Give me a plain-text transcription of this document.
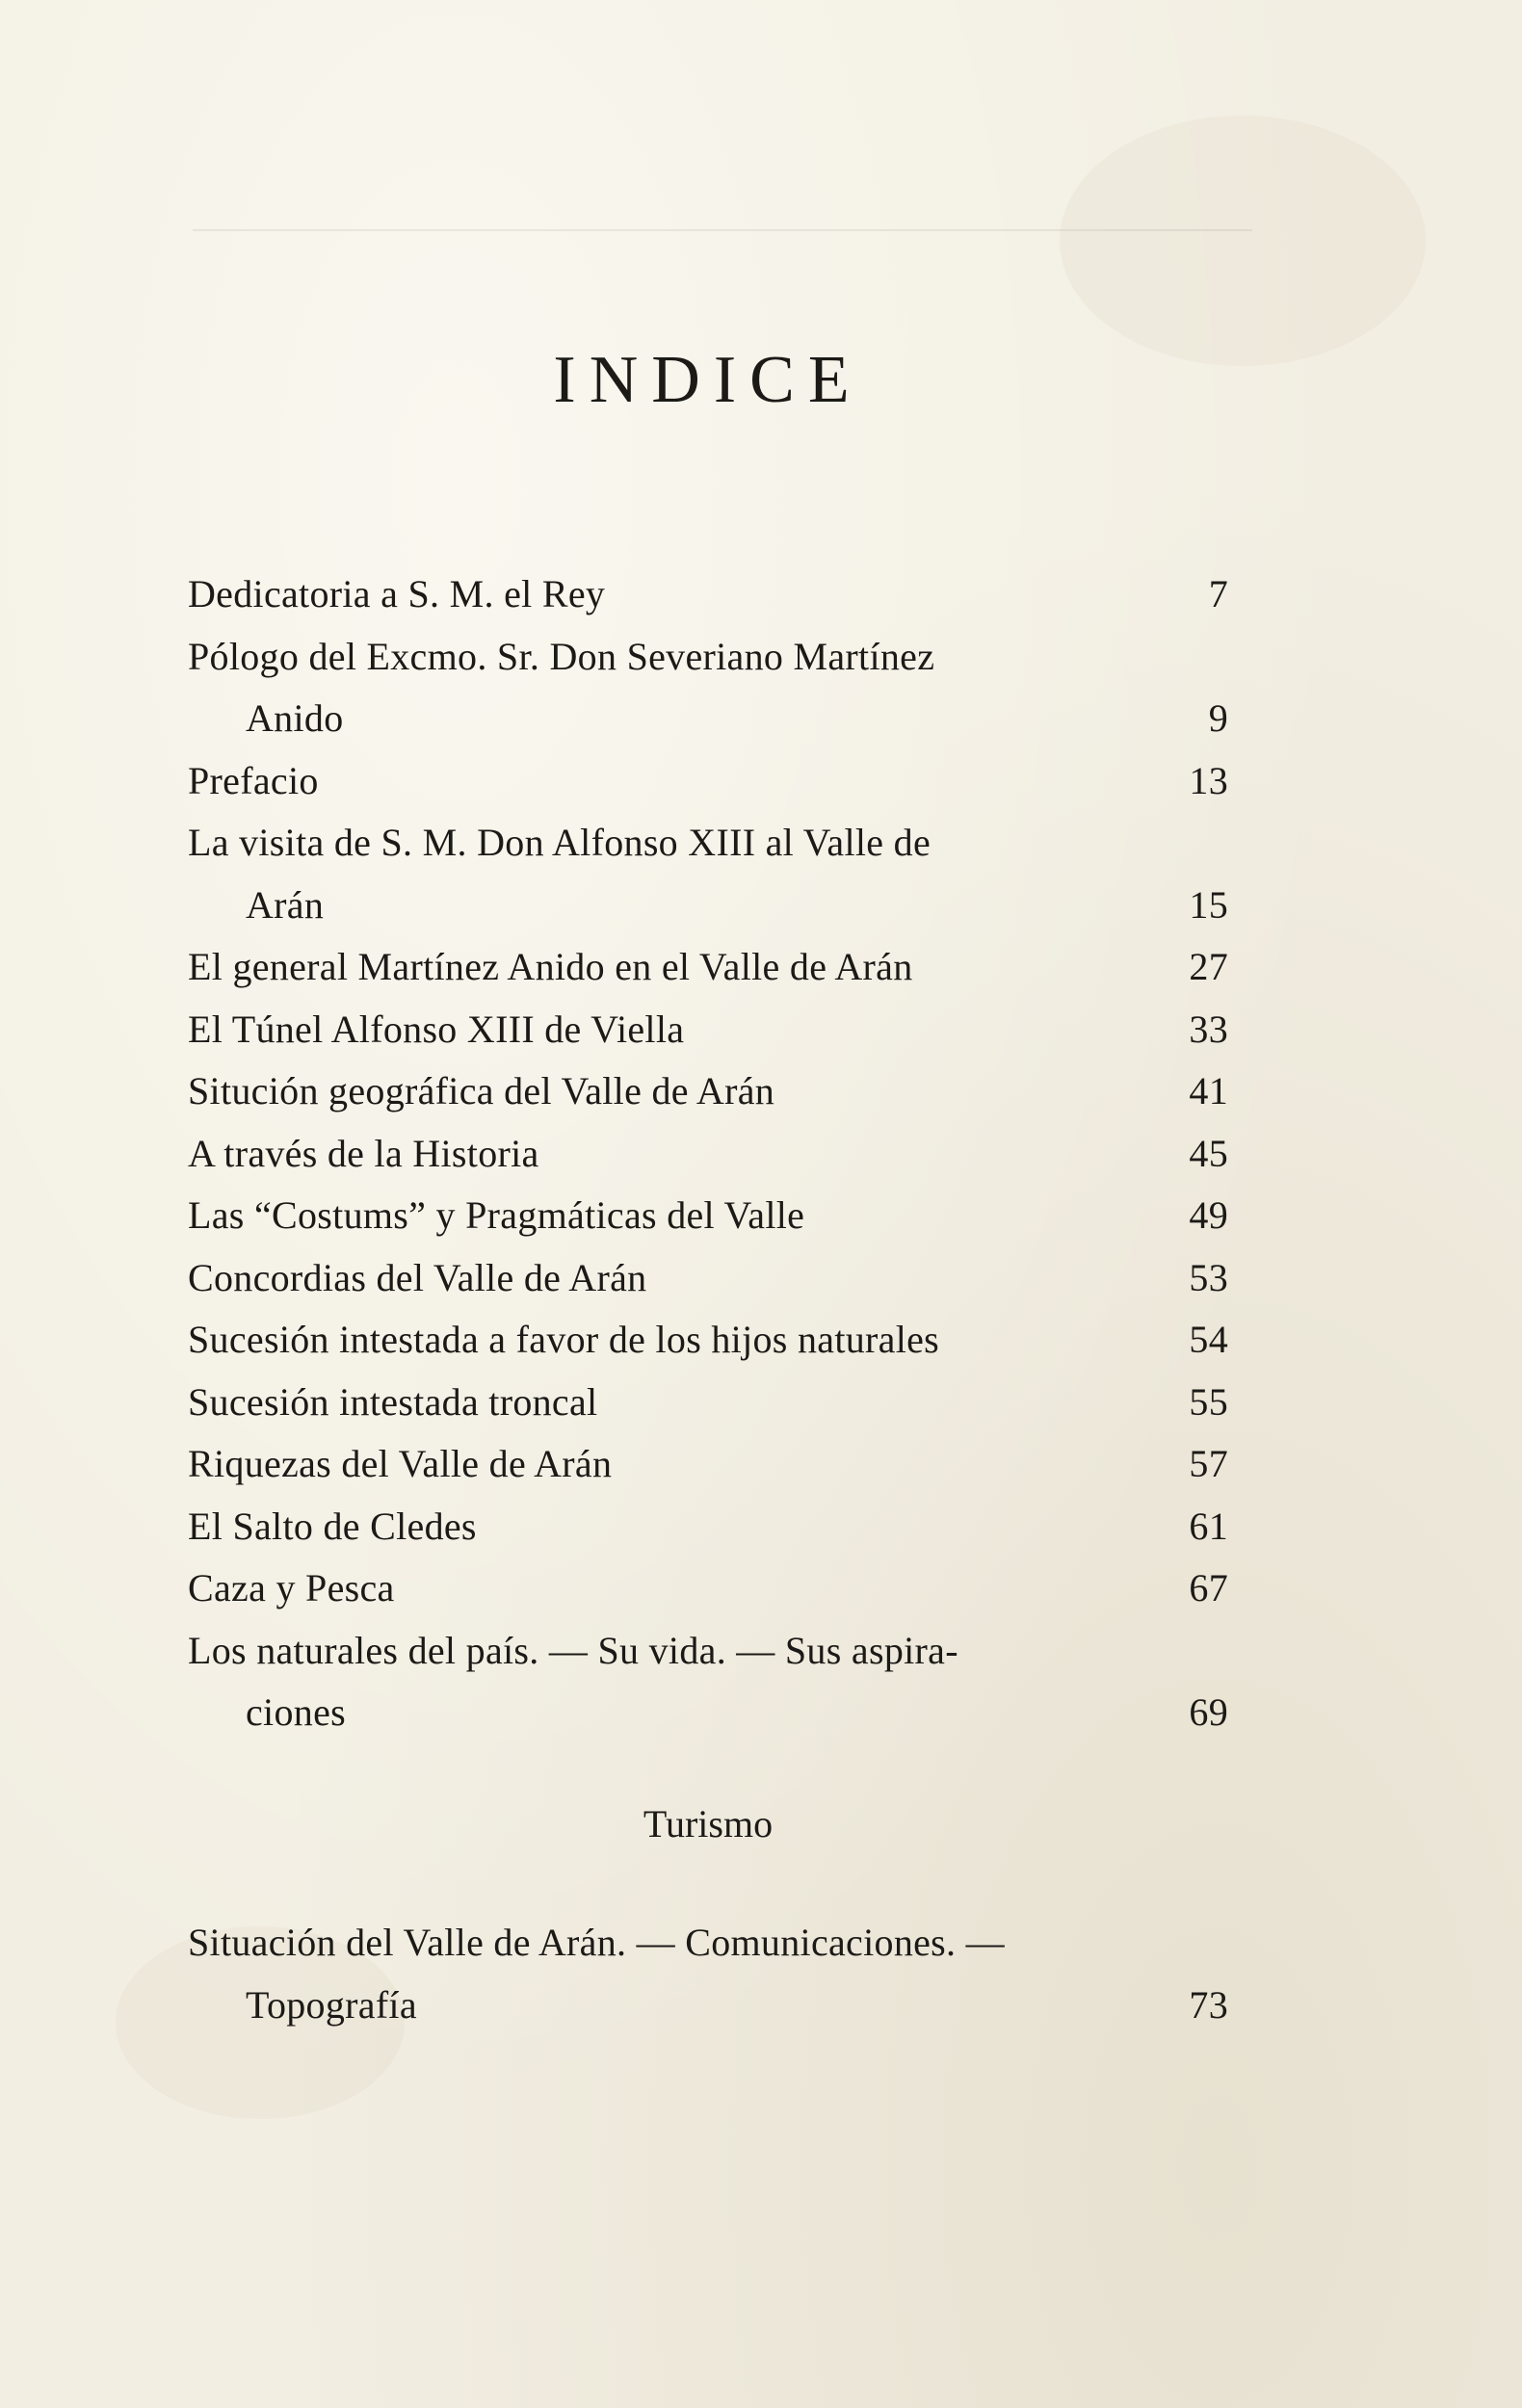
INDICE
Dedicatoria a S. M. el Rey	7
Pólogo del Excmo. Sr. Don Severiano Martínez
Anido	9
Prefacio	13
La visita de S. M. Don Alfonso XIII al Valle de
Arán	15
El general Martínez Anido en el Valle de Arán	27
El Túnel Alfonso XIII de Viella	33
Situción geográfica del Valle de Arán	41
A través de la Historia	45
Las “Costums” y Pragmáticas del Valle	49
Concordias del Valle de Arán	53
Sucesión intestada a favor de los hijos naturales	54
Sucesión intestada troncal	55
Riquezas del Valle de Arán	57
El Salto de Cledes	61
Caza y Pesca	67
Los naturales del país. — Su vida. — Sus aspira-
ciones	69
Turismo
Situación del Valle de Arán. — Comunicaciones. —
Topografía	73
